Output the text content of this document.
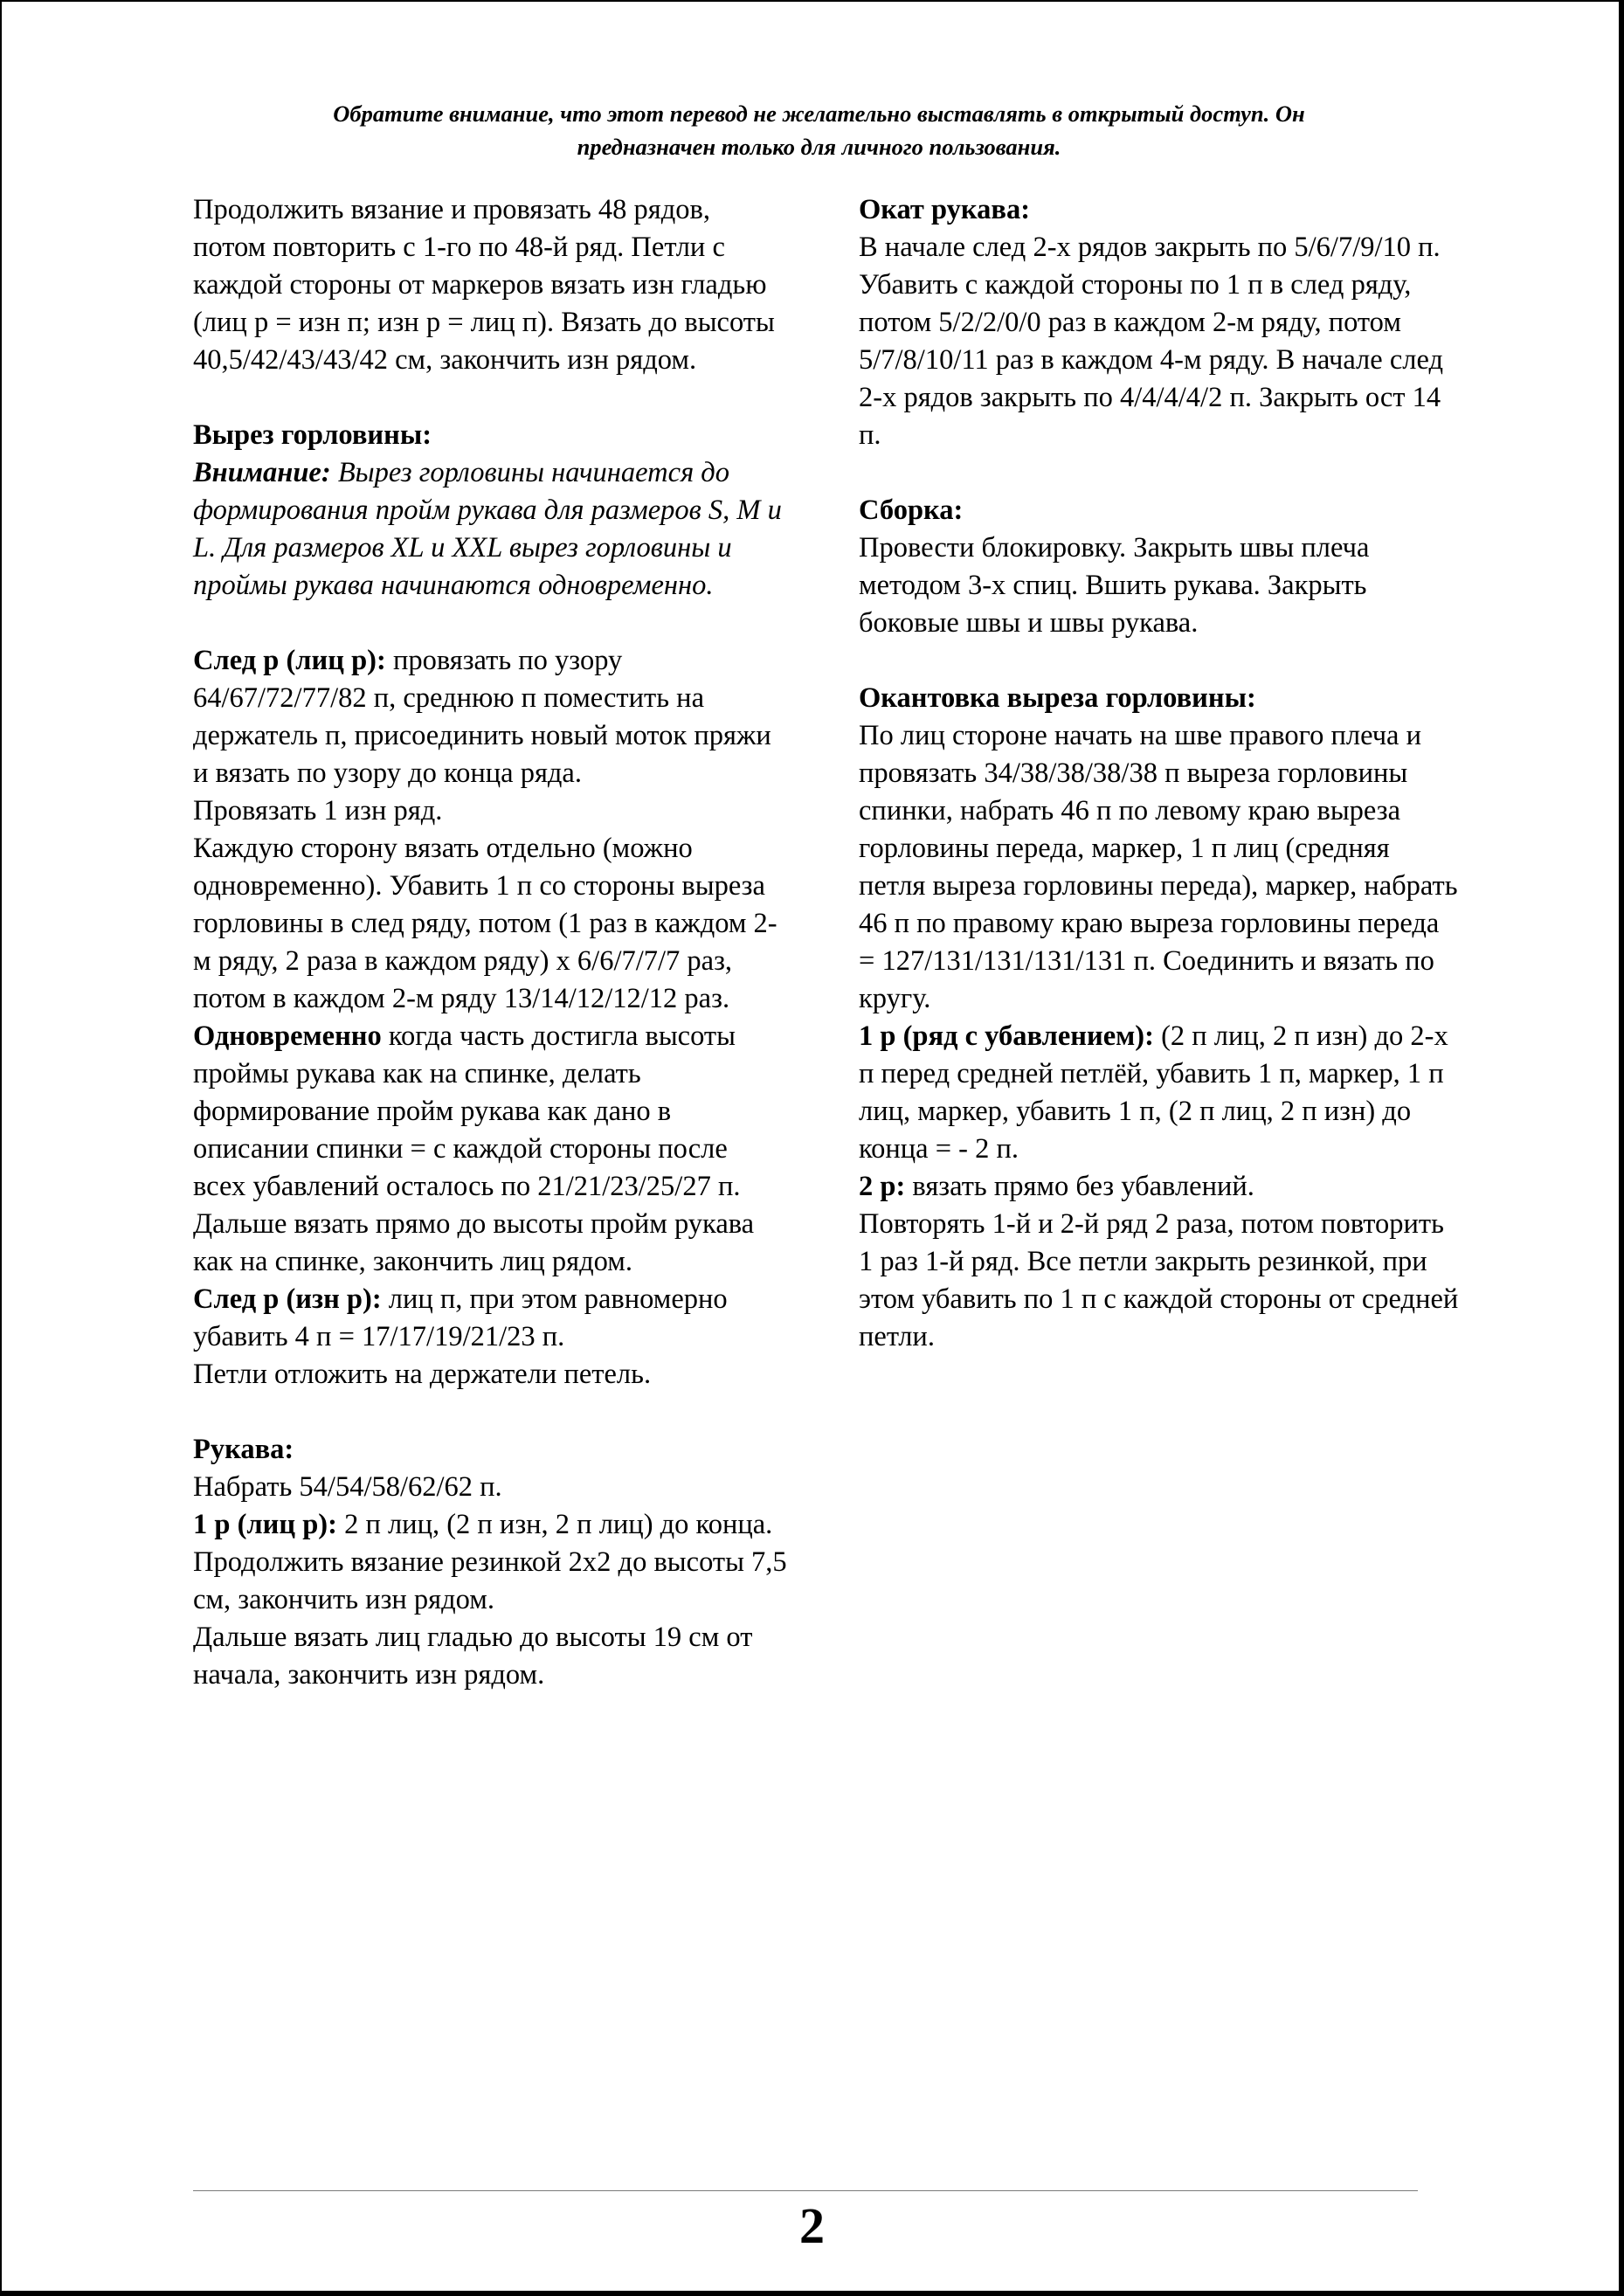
Обратите внимание, что этот перевод не желательно выставлять в открытый доступ. Он
предназначен только для личного пользования.

Продолжить вязание и провязать 48 рядов, потом повторить с 1-го по 48-й ряд. Петли с каждой стороны от маркеров вязать изн гладью (лиц р = изн п; изн р = лиц п). Вязать до высоты 40,5/42/43/43/42 см, закончить изн рядом.

Вырез горловины:

Внимание: Вырез горловины начинается до формирования пройм рукава для размеров S, M и L. Для размеров XL и XXL вырез горловины и проймы рукава начинаются одновременно.

След р (лиц р): провязать по узору 64/67/72/77/82 п, среднюю п поместить на держатель п, присоединить новый моток пряжи и вязать по узору до конца ряда.

Провязать 1 изн ряд.

Каждую сторону вязать отдельно (можно одновременно). Убавить 1 п со стороны выреза горловины в след ряду, потом (1 раз в каждом 2-м ряду, 2 раза в каждом ряду) х 6/6/7/7/7 раз, потом в каждом 2-м ряду 13/14/12/12/12 раз.

Одновременно когда часть достигла высоты проймы рукава как на спинке, делать формирование пройм рукава как дано в описании спинки = с каждой стороны после всех убавлений осталось по 21/21/23/25/27 п.

Дальше вязать прямо до высоты пройм рукава как на спинке, закончить лиц рядом.

След р (изн р): лиц п, при этом равномерно убавить 4 п = 17/17/19/21/23 п.

Петли отложить на держатели петель.

Рукава:

Набрать 54/54/58/62/62 п.

1 р (лиц р): 2 п лиц, (2 п изн, 2 п лиц) до конца.

Продолжить вязание резинкой 2х2 до высоты 7,5 см, закончить изн рядом.

Дальше вязать лиц гладью до высоты 19 см от начала, закончить изн рядом.

Окат рукава:

В начале след 2-х рядов закрыть по 5/6/7/9/10 п. Убавить с каждой стороны по 1 п в след ряду, потом 5/2/2/0/0 раз в каждом 2-м ряду, потом 5/7/8/10/11 раз в каждом 4-м ряду. В начале след 2-х рядов закрыть по 4/4/4/4/2 п. Закрыть ост 14 п.

Сборка:

Провести блокировку. Закрыть швы плеча методом 3-х спиц. Вшить рукава. Закрыть боковые швы и швы рукава.

Окантовка выреза горловины:

По лиц стороне начать на шве правого плеча и провязать 34/38/38/38/38 п выреза горловины спинки, набрать 46 п по левому краю выреза горловины переда, маркер, 1 п лиц (средняя петля выреза горловины переда), маркер, набрать 46 п по правому краю выреза горловины переда = 127/131/131/131/131 п. Соединить и вязать по кругу.

1 р (ряд с убавлением): (2 п лиц, 2 п изн) до 2-х п перед средней петлёй, убавить 1 п, маркер, 1 п лиц, маркер, убавить 1 п, (2 п лиц, 2 п изн) до конца = - 2 п.

2 р: вязать прямо без убавлений.

Повторять 1-й и 2-й ряд 2 раза, потом повторить 1 раз 1-й ряд. Все петли закрыть резинкой, при этом убавить по 1 п с каждой стороны от средней петли.

2
